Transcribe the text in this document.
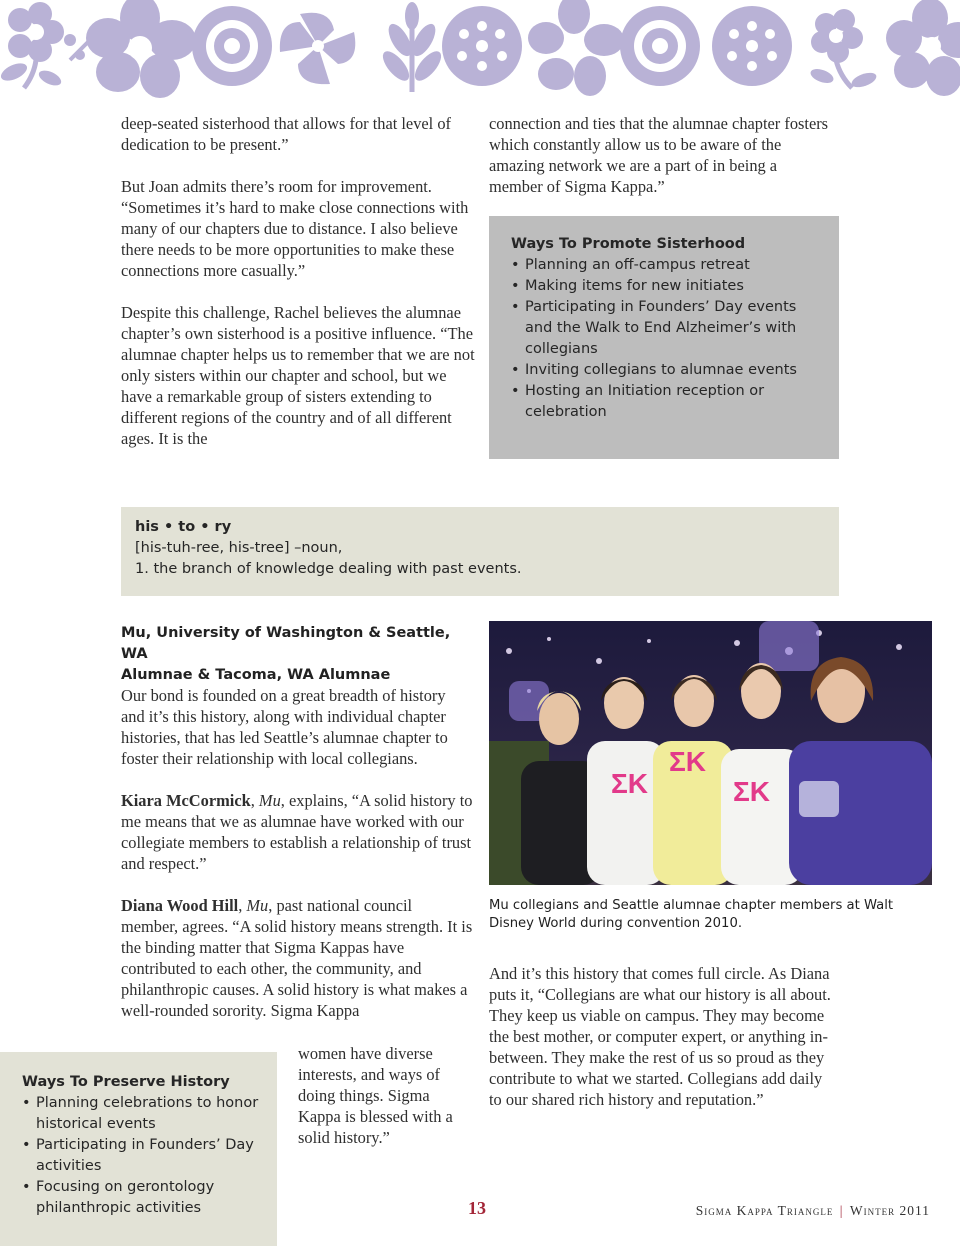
deep-seated sisterhood that allows for that level of dedication to be present.”

But Joan admits there’s room for improvement. “Sometimes it’s hard to make close connections with many of our chapters due to distance. I also believe there needs to be more opportunities to make these connections more casually.”

Despite this challenge, Rachel believes the alumnae chapter’s own sisterhood is a positive influence. “The alumnae chapter helps us to remember that we are not only sisters within our chapter and school, but we have a remarkable group of sisters extending to different regions of the country and of all different ages. It is the

connection and ties that the alumnae chapter fosters which constantly allow us to be aware of the amazing network we are a part of in being a member of Sigma Kappa.”

Ways To Promote Sisterhood
• Planning an off-campus retreat
• Making items for new initiates
• Participating in Founders’ Day events and the Walk to End Alzheimer’s with collegians
• Inviting collegians to alumnae events
• Hosting an Initiation reception or celebration
his • to • ry
[his-tuh-ree, his-tree] –noun,
1. the branch of knowledge dealing with past events.
Mu, University of Washington & Seattle, WA
Alumnae & Tacoma, WA Alumnae

Our bond is founded on a great breadth of history and it’s this history, along with individual chapter histories, that has led Seattle’s alumnae chapter to foster their relationship with local collegians.

Kiara McCormick, Mu, explains, “A solid history to me means that we as alumnae have worked with our collegiate members to establish a relationship of trust and respect.”

Diana Wood Hill, Mu, past national council member, agrees. “A solid history means strength. It is the binding matter that Sigma Kappas have contributed to each other, the community, and philanthropic causes. A solid history is what makes a well-rounded sorority. Sigma Kappa

women have diverse interests, and ways of doing things. Sigma Kappa is blessed with a solid history.”

ΣK
ΣK
ΣK
Mu collegians and Seattle alumnae chapter members at Walt Disney World during convention 2010.

And it’s this history that comes full circle. As Diana puts it, “Collegians are what our history is all about. They keep us viable on campus. They may become the best mother, or computer expert, or anything in-between. They make the rest of us so proud as they contribute to what we started. Collegians add daily to our shared rich history and reputation.”

Ways To Preserve History
• Planning celebrations to honor historical events
• Participating in Founders’ Day activities
• Focusing on gerontology philanthropic activities	13	Sigma Kappa Triangle | Winter 2011
